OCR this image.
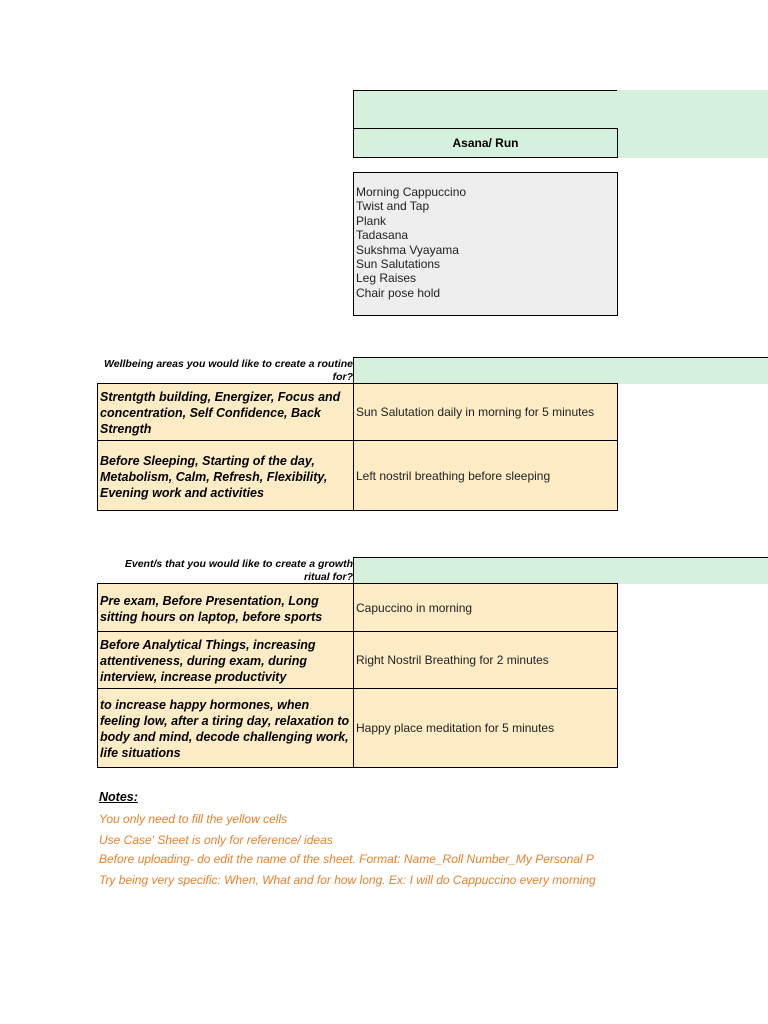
Asana/ Run
Morning Cappuccino
Twist and Tap
Plank
Tadasana
Sukshma Vyayama
Sun Salutations
Leg Raises
Chair pose hold
Wellbeing areas you would like to create a routine for?
Strentgth building, Energizer, Focus and concentration, Self Confidence, Back Strength
Sun Salutation daily in morning for 5 minutes
Before Sleeping, Starting of the day, Metabolism, Calm, Refresh, Flexibility, Evening work and activities
Left nostril breathing before sleeping
Event/s that you would like to create a growth ritual for?
Pre exam, Before Presentation, Long sitting hours on laptop, before sports
Capuccino in morning
Before Analytical Things, increasing attentiveness, during exam, during interview, increase productivity
Right Nostril Breathing for 2 minutes
to increase happy hormones, when feeling low, after a tiring day, relaxation to body and mind, decode challenging work, life situations
Happy place meditation for 5 minutes
Notes:
You only need to fill the yellow cells
Use Case' Sheet is only for reference/ ideas
Before uploading- do edit the name of the sheet. Format: Name_Roll Number_My Personal P
Try being very specific: When, What and for how long. Ex: I will do Cappuccino every morning
